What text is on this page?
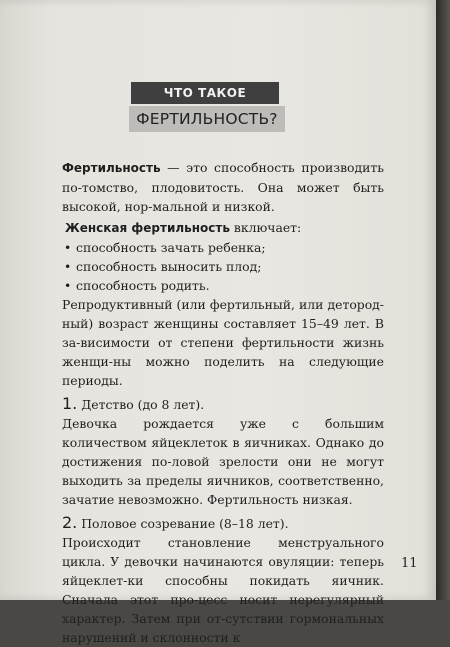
ЧТО ТАКОЕ
ФЕРТИЛЬНОСТЬ?

Фертильность — это способность производить по-томство, плодовитость. Она может быть высокой, нор-мальной и низкой.

Женская фертильность включает:

• способность зачать ребенка;
• способность выносить плод;
• способность родить.

Репродуктивный (или фертильный, или детород-ный) возраст женщины составляет 15–49 лет. В за-висимости от степени фертильности жизнь женщи-ны можно поделить на следующие периоды.

1. Детство (до 8 лет).

Девочка рождается уже с большим количеством яйцеклеток в яичниках. Однако до достижения по-ловой зрелости они не могут выходить за пределы яичников, соответственно, зачатие невозможно. Фертильность низкая.

2. Половое созревание (8–18 лет).

Происходит становление менструального цикла. У девочки начинаются овуляции: теперь яйцеклет-ки способны покидать яичник. Сначала этот про-цесс носит нерегулярный характер. Затем при от-сутствии гормональных нарушений и склонности к

11
